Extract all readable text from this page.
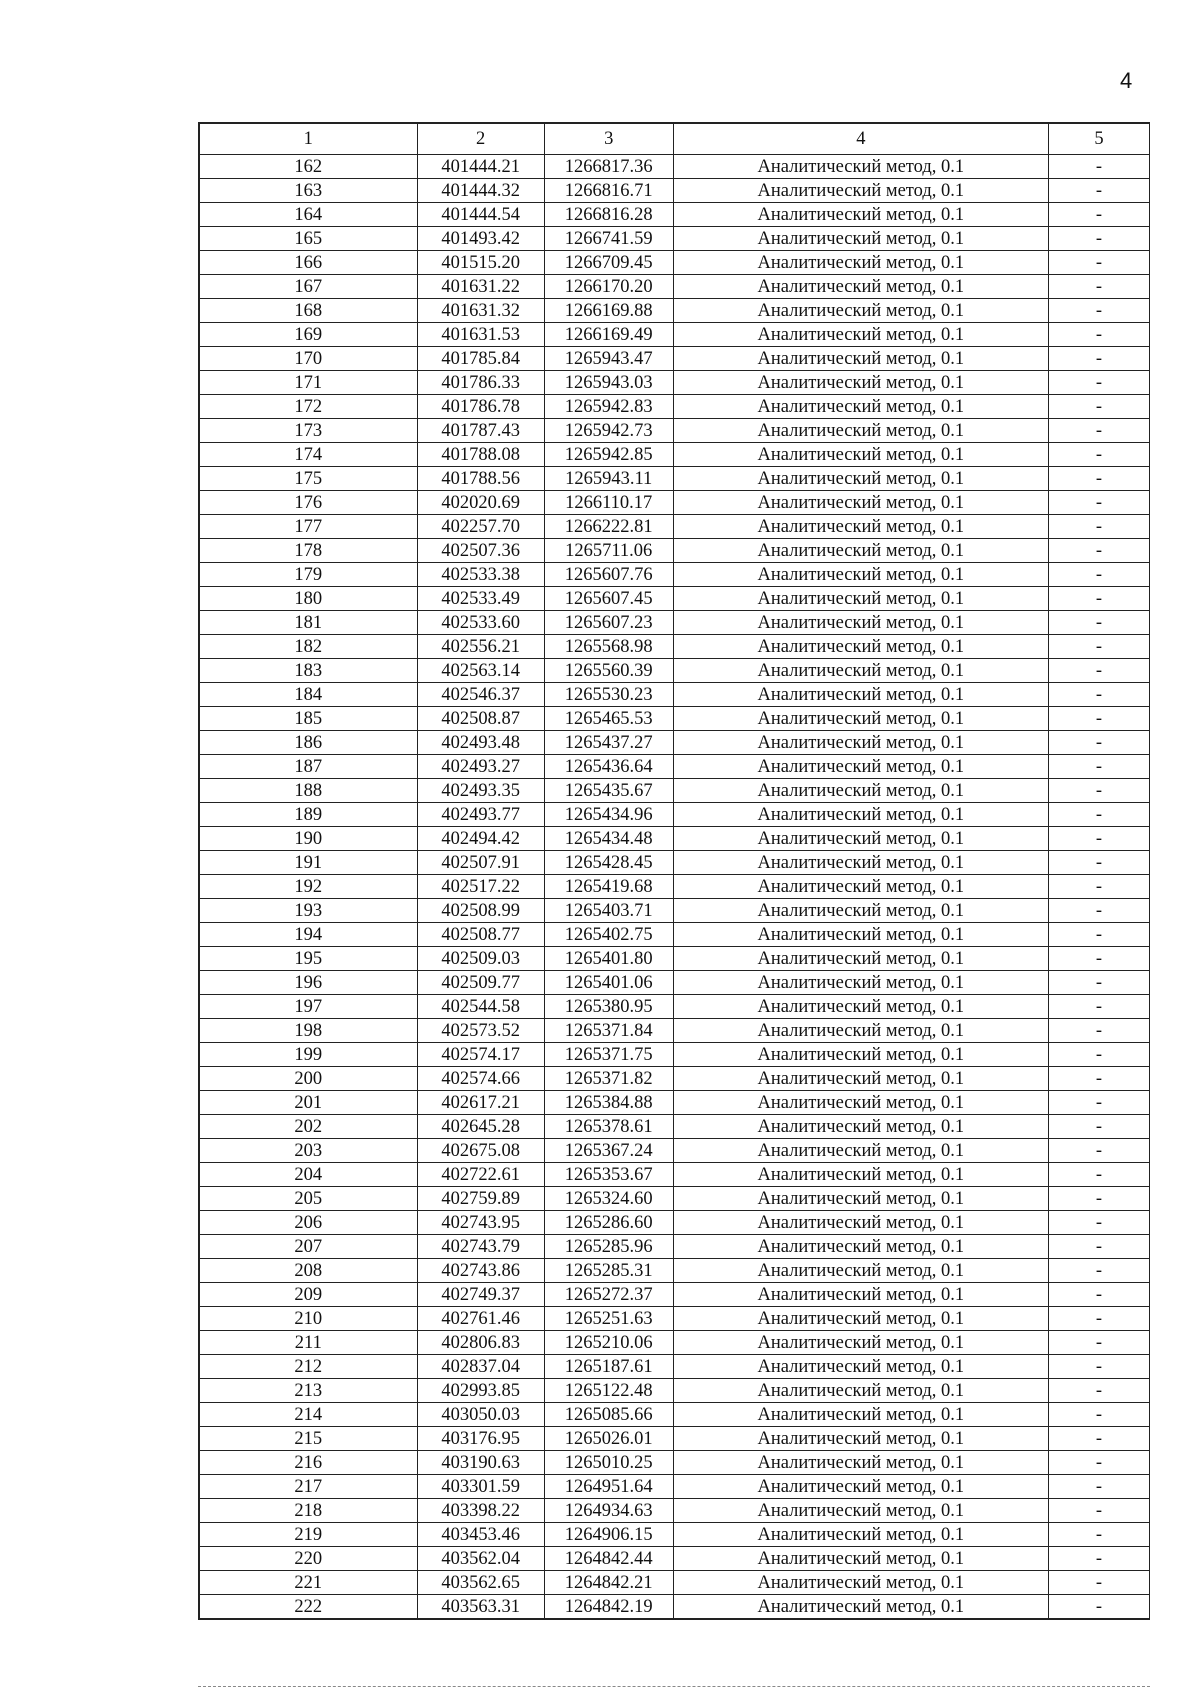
4
1	2	3	4	5
162	401444.21	1266817.36	Аналитический метод, 0.1	-
163	401444.32	1266816.71	Аналитический метод, 0.1	-
164	401444.54	1266816.28	Аналитический метод, 0.1	-
165	401493.42	1266741.59	Аналитический метод, 0.1	-
166	401515.20	1266709.45	Аналитический метод, 0.1	-
167	401631.22	1266170.20	Аналитический метод, 0.1	-
168	401631.32	1266169.88	Аналитический метод, 0.1	-
169	401631.53	1266169.49	Аналитический метод, 0.1	-
170	401785.84	1265943.47	Аналитический метод, 0.1	-
171	401786.33	1265943.03	Аналитический метод, 0.1	-
172	401786.78	1265942.83	Аналитический метод, 0.1	-
173	401787.43	1265942.73	Аналитический метод, 0.1	-
174	401788.08	1265942.85	Аналитический метод, 0.1	-
175	401788.56	1265943.11	Аналитический метод, 0.1	-
176	402020.69	1266110.17	Аналитический метод, 0.1	-
177	402257.70	1266222.81	Аналитический метод, 0.1	-
178	402507.36	1265711.06	Аналитический метод, 0.1	-
179	402533.38	1265607.76	Аналитический метод, 0.1	-
180	402533.49	1265607.45	Аналитический метод, 0.1	-
181	402533.60	1265607.23	Аналитический метод, 0.1	-
182	402556.21	1265568.98	Аналитический метод, 0.1	-
183	402563.14	1265560.39	Аналитический метод, 0.1	-
184	402546.37	1265530.23	Аналитический метод, 0.1	-
185	402508.87	1265465.53	Аналитический метод, 0.1	-
186	402493.48	1265437.27	Аналитический метод, 0.1	-
187	402493.27	1265436.64	Аналитический метод, 0.1	-
188	402493.35	1265435.67	Аналитический метод, 0.1	-
189	402493.77	1265434.96	Аналитический метод, 0.1	-
190	402494.42	1265434.48	Аналитический метод, 0.1	-
191	402507.91	1265428.45	Аналитический метод, 0.1	-
192	402517.22	1265419.68	Аналитический метод, 0.1	-
193	402508.99	1265403.71	Аналитический метод, 0.1	-
194	402508.77	1265402.75	Аналитический метод, 0.1	-
195	402509.03	1265401.80	Аналитический метод, 0.1	-
196	402509.77	1265401.06	Аналитический метод, 0.1	-
197	402544.58	1265380.95	Аналитический метод, 0.1	-
198	402573.52	1265371.84	Аналитический метод, 0.1	-
199	402574.17	1265371.75	Аналитический метод, 0.1	-
200	402574.66	1265371.82	Аналитический метод, 0.1	-
201	402617.21	1265384.88	Аналитический метод, 0.1	-
202	402645.28	1265378.61	Аналитический метод, 0.1	-
203	402675.08	1265367.24	Аналитический метод, 0.1	-
204	402722.61	1265353.67	Аналитический метод, 0.1	-
205	402759.89	1265324.60	Аналитический метод, 0.1	-
206	402743.95	1265286.60	Аналитический метод, 0.1	-
207	402743.79	1265285.96	Аналитический метод, 0.1	-
208	402743.86	1265285.31	Аналитический метод, 0.1	-
209	402749.37	1265272.37	Аналитический метод, 0.1	-
210	402761.46	1265251.63	Аналитический метод, 0.1	-
211	402806.83	1265210.06	Аналитический метод, 0.1	-
212	402837.04	1265187.61	Аналитический метод, 0.1	-
213	402993.85	1265122.48	Аналитический метод, 0.1	-
214	403050.03	1265085.66	Аналитический метод, 0.1	-
215	403176.95	1265026.01	Аналитический метод, 0.1	-
216	403190.63	1265010.25	Аналитический метод, 0.1	-
217	403301.59	1264951.64	Аналитический метод, 0.1	-
218	403398.22	1264934.63	Аналитический метод, 0.1	-
219	403453.46	1264906.15	Аналитический метод, 0.1	-
220	403562.04	1264842.44	Аналитический метод, 0.1	-
221	403562.65	1264842.21	Аналитический метод, 0.1	-
222	403563.31	1264842.19	Аналитический метод, 0.1	-
